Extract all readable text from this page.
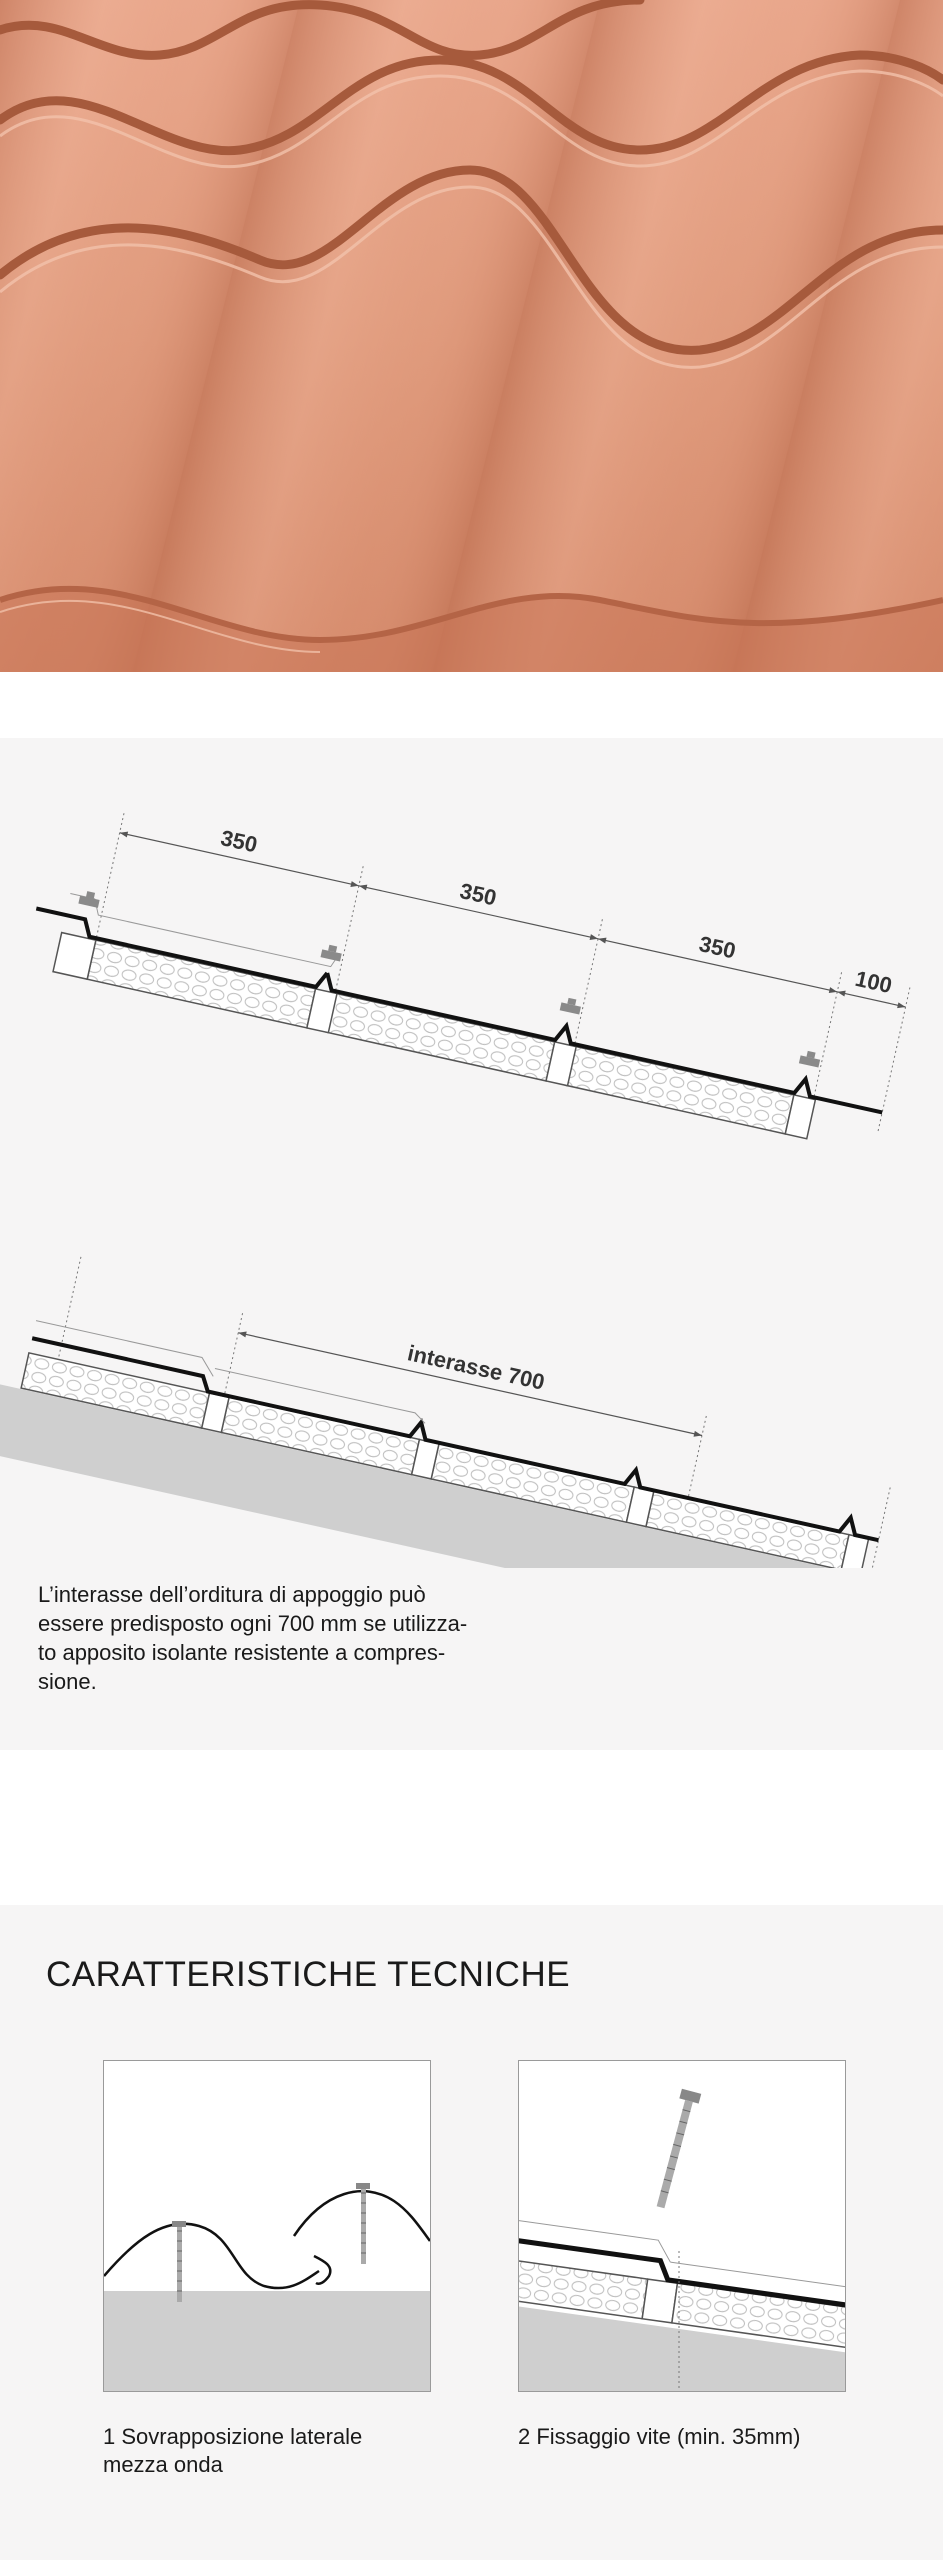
350
350
350
100
interasse 700
L’interasse dell’orditura di appoggio può
essere predisposto ogni 700 mm se utilizza-
to apposito isolante resistente a compres-
sione.
CARATTERISTICHE TECNICHE
1 Sovrapposizione laterale
mezza onda
2 Fissaggio vite (min. 35mm)
